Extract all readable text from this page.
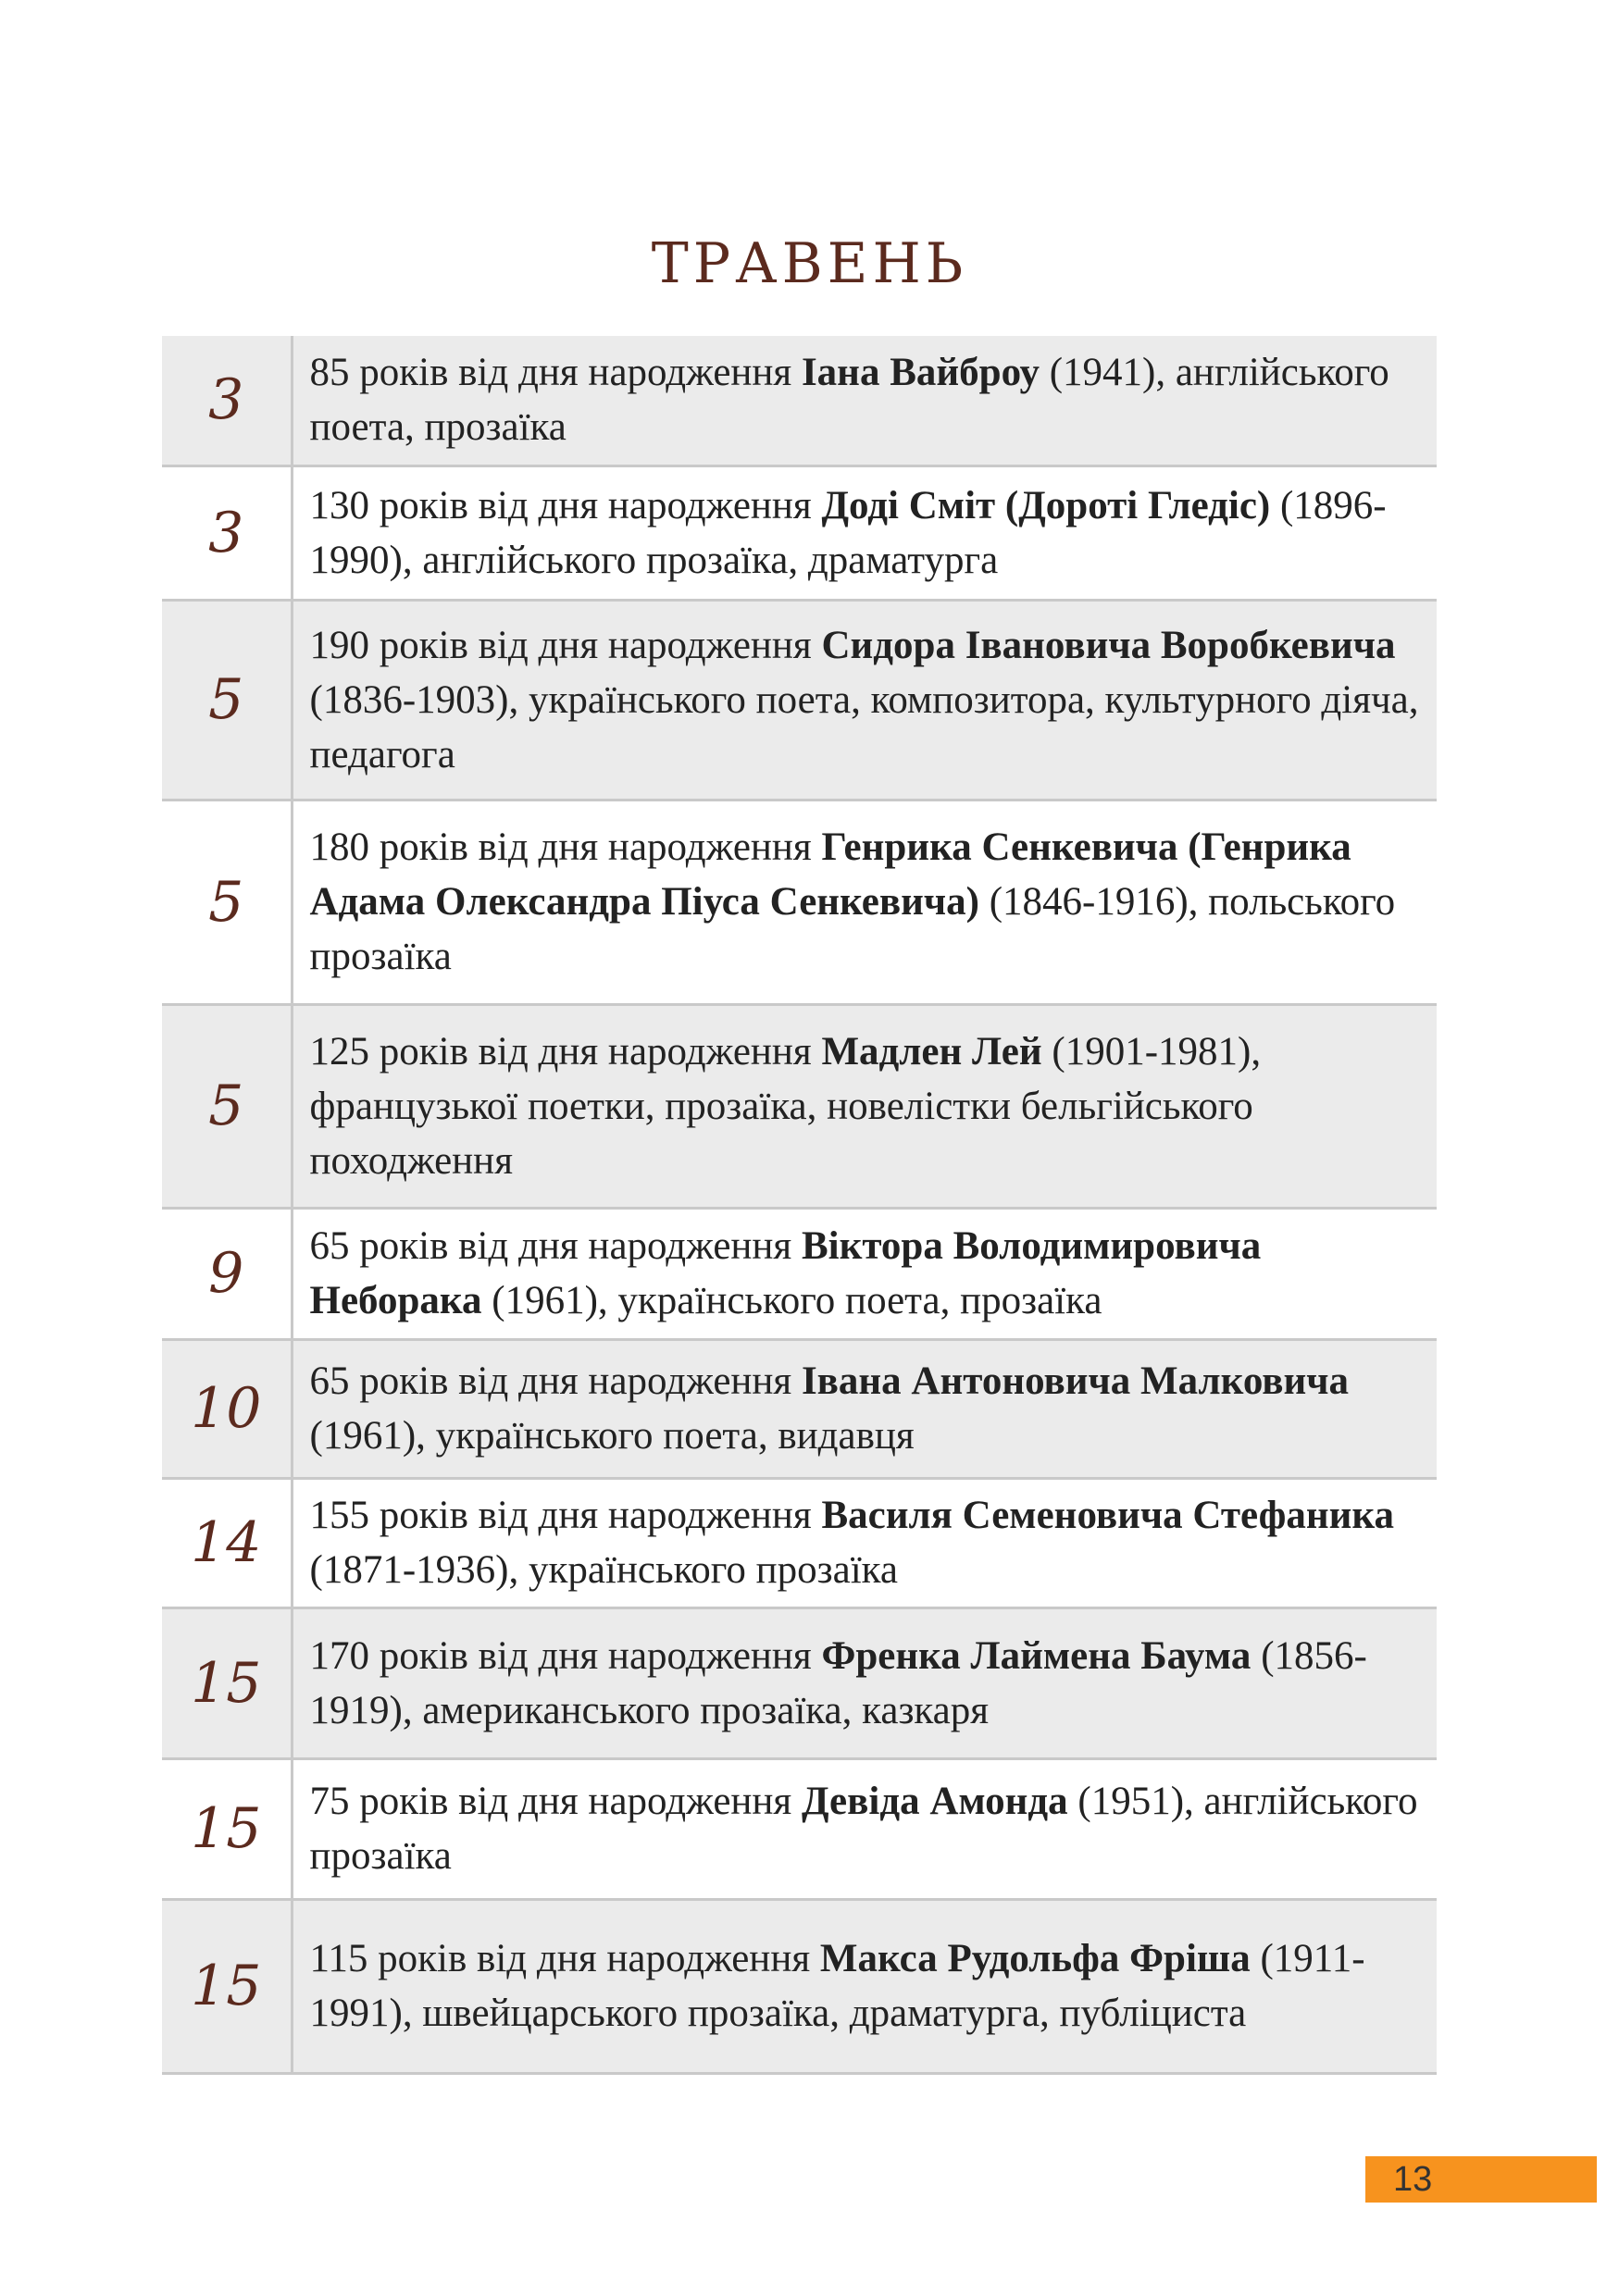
ТРАВЕНЬ
3	85 років від дня народження Іана Вайброу (1941), англійського поета, прозаїка
3	130 років від дня народження Доді Сміт (Дороті Гледіс) (1896-1990), англійського прозаїка, драматурга
5	190 років від дня народження Сидора Івановича Воробкевича (1836-1903), українського поета, композитора, культурного діяча, педагога
5	180 років від дня народження Генрика Сенкевича (Генрика Адама Олександра Піуса Сенкевича) (1846-1916), польського прозаїка
5	125 років від дня народження Мадлен Лей (1901-1981), французької поетки, прозаїка, новелістки бельгійського походження
9	65 років від дня народження Віктора Володимировича Неборака (1961), українського поета, прозаїка
10	65 років від дня народження Івана Антоновича Малковича (1961), українського поета, видавця
14	155 років від дня народження Василя Семеновича Стефаника (1871-1936), українського прозаїка
15	170 років від дня народження Френка Лаймена Баума (1856-1919), американського прозаїка, казкаря
15	75 років від дня народження Девіда Амонда (1951), англійського прозаїка
15	115 років від дня народження Макса Рудольфа Фріша (1911-1991), швейцарського прозаїка, драматурга, публіциста
13
